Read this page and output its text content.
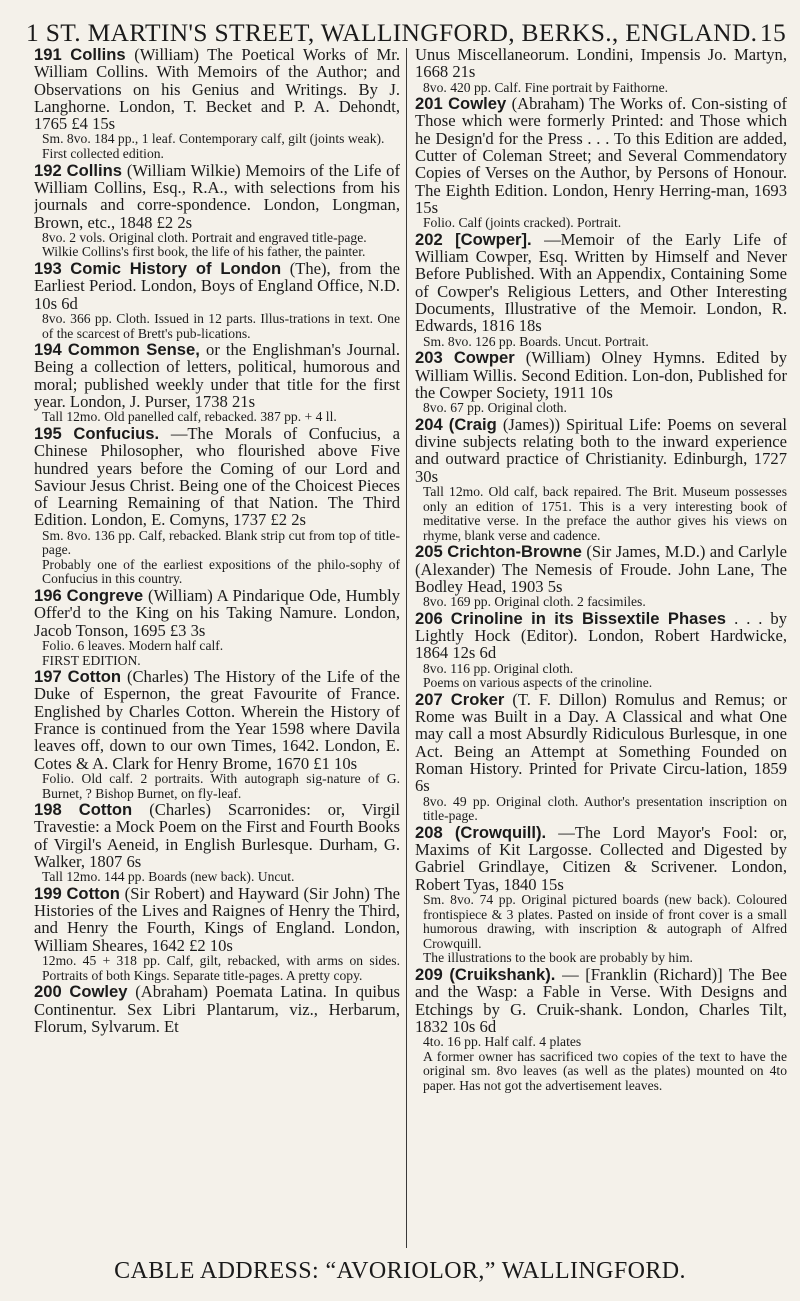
1
ST. MARTIN'S STREET, WALLINGFORD, BERKS., ENGLAND. 15

191 Collins (William) The Poetical Works of Mr. William Collins. With Memoirs of the Author; and Observations on his Genius and Writings. By J. Langhorne. London, T. Becket and P. A. Dehondt, 1765 £4 15s

Sm. 8vo. 184 pp., 1 leaf. Contemporary calf, gilt (joints weak).

First collected edition.

192 Collins (William Wilkie) Memoirs of the Life of William Collins, Esq., R.A., with selections from his journals and corre-spondence. London, Longman, Brown, etc., 1848 £2 2s

8vo. 2 vols. Original cloth. Portrait and engraved title-page.

Wilkie Collins's first book, the life of his father, the painter.

193 Comic History of London (The), from the Earliest Period. London, Boys of England Office, N.D. 10s 6d

8vo. 366 pp. Cloth. Issued in 12 parts. Illus-trations in text. One of the scarcest of Brett's pub-lications.

194 Common Sense, or the Englishman's Journal. Being a collection of letters, political, humorous and moral; published weekly under that title for the first year. London, J. Purser, 1738 21s

Tall 12mo. Old panelled calf, rebacked. 387 pp. + 4 ll.

195 Confucius. —The Morals of Confucius, a Chinese Philosopher, who flourished above Five hundred years before the Coming of our Lord and Saviour Jesus Christ. Being one of the Choicest Pieces of Learning Remaining of that Nation. The Third Edition. London, E. Comyns, 1737 £2 2s

Sm. 8vo. 136 pp. Calf, rebacked. Blank strip cut from top of title-page.

Probably one of the earliest expositions of the philo-sophy of Confucius in this country.

196 Congreve (William) A Pindarique Ode, Humbly Offer'd to the King on his Taking Namure. London, Jacob Tonson, 1695 £3 3s

Folio. 6 leaves. Modern half calf.

FIRST EDITION.

197 Cotton (Charles) The History of the Life of the Duke of Espernon, the great Favourite of France. Englished by Charles Cotton. Wherein the History of France is continued from the Year 1598 where Davila leaves off, down to our own Times, 1642. London, E. Cotes & A. Clark for Henry Brome, 1670 £1 10s

Folio. Old calf. 2 portraits. With autograph sig-nature of G. Burnet, ? Bishop Burnet, on fly-leaf.

198 Cotton (Charles) Scarronides: or, Virgil Travestie: a Mock Poem on the First and Fourth Books of Virgil's Aeneid, in English Burlesque. Durham, G. Walker, 1807 6s

Tall 12mo. 144 pp. Boards (new back). Uncut.

199 Cotton (Sir Robert) and Hayward (Sir John) The Histories of the Lives and Raignes of Henry the Third, and Henry the Fourth, Kings of England. London, William Sheares, 1642 £2 10s

12mo. 45 + 318 pp. Calf, gilt, rebacked, with arms on sides. Portraits of both Kings. Separate title-pages. A pretty copy.

200 Cowley (Abraham) Poemata Latina. In quibus Continentur. Sex Libri Plantarum, viz., Herbarum, Florum, Sylvarum. Et

Unus Miscellaneorum. Londini, Impensis Jo. Martyn, 1668 21s

8vo. 420 pp. Calf. Fine portrait by Faithorne.

201 Cowley (Abraham) The Works of. Con-sisting of Those which were formerly Printed: and Those which he Design'd for the Press . . . To this Edition are added, Cutter of Coleman Street; and Several Commendatory Copies of Verses on the Author, by Persons of Honour. The Eighth Edition. London, Henry Herring-man, 1693 15s

Folio. Calf (joints cracked). Portrait.

202 [Cowper]. —Memoir of the Early Life of William Cowper, Esq. Written by Himself and Never Before Published. With an Appendix, Containing Some of Cowper's Religious Letters, and Other Interesting Documents, Illustrative of the Memoir. London, R. Edwards, 1816 18s

Sm. 8vo. 126 pp. Boards. Uncut. Portrait.

203 Cowper (William) Olney Hymns. Edited by William Willis. Second Edition. Lon-don, Published for the Cowper Society, 1911 10s

8vo. 67 pp. Original cloth.

204 (Craig (James)) Spiritual Life: Poems on several divine subjects relating both to the inward experience and outward practice of Christianity. Edinburgh, 1727 30s

Tall 12mo. Old calf, back repaired. The Brit. Museum possesses only an edition of 1751. This is a very interesting book of meditative verse. In the preface the author gives his views on rhyme, blank verse and cadence.

205 Crichton-Browne (Sir James, M.D.) and Carlyle (Alexander) The Nemesis of Froude. John Lane, The Bodley Head, 1903 5s

8vo. 169 pp. Original cloth. 2 facsimiles.

206 Crinoline in its Bissextile Phases . . . by Lightly Hock (Editor). London, Robert Hardwicke, 1864 12s 6d

8vo. 116 pp. Original cloth.

Poems on various aspects of the crinoline.

207 Croker (T. F. Dillon) Romulus and Remus; or Rome was Built in a Day. A Classical and what One may call a most Absurdly Ridiculous Burlesque, in one Act. Being an Attempt at Something Founded on Roman History. Printed for Private Circu-lation, 1859 6s

8vo. 49 pp. Original cloth. Author's presentation inscription on title-page.

208 (Crowquill). —The Lord Mayor's Fool: or, Maxims of Kit Largosse. Collected and Digested by Gabriel Grindlaye, Citizen & Scrivener. London, Robert Tyas, 1840 15s

Sm. 8vo. 74 pp. Original pictured boards (new back). Coloured frontispiece & 3 plates. Pasted on inside of front cover is a small humorous drawing, with inscription & autograph of Alfred Crowquill.

The illustrations to the book are probably by him.

209 (Cruikshank). — [Franklin (Richard)] The Bee and the Wasp: a Fable in Verse. With Designs and Etchings by G. Cruik-shank. London, Charles Tilt, 1832 10s 6d

4to. 16 pp. Half calf. 4 plates

A former owner has sacrificed two copies of the text to have the original sm. 8vo leaves (as well as the plates) mounted on 4to paper. Has not got the advertisement leaves.

CABLE ADDRESS: “AVORIOLOR,” WALLINGFORD.
